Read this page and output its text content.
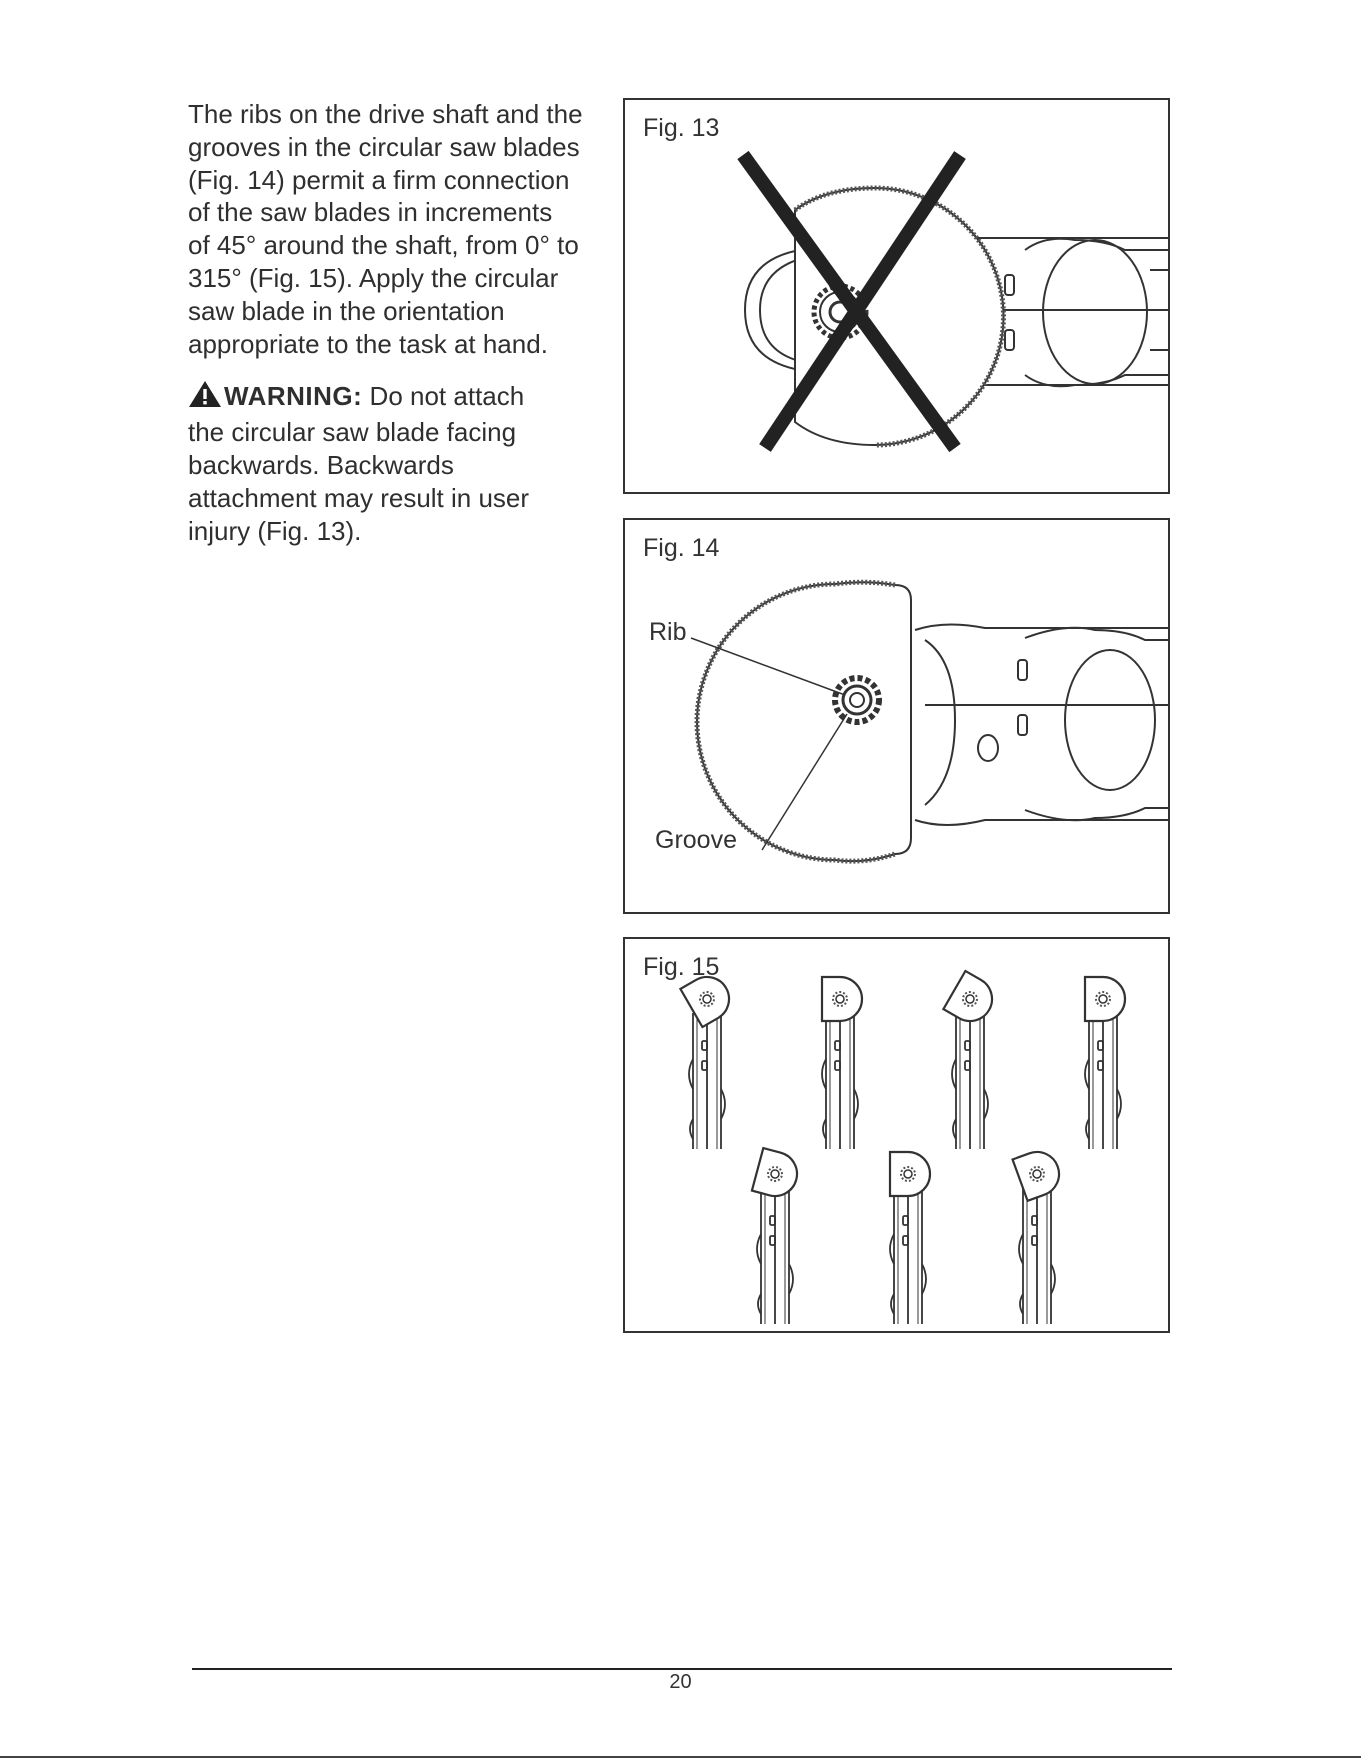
The ribs on the drive shaft and the
grooves in the circular saw blades
(Fig. 14) permit a firm connection
of the saw blades in increments
of 45° around the shaft, from 0° to
315° (Fig. 15). Apply the circular
saw blade in the orientation
appropriate to the task at hand.

WARNING: Do not attach
the circular saw blade facing
backwards. Backwards
attachment may result in user
injury (Fig. 13).

Fig. 13
Fig. 14
Rib
Groove
Fig. 15
20
